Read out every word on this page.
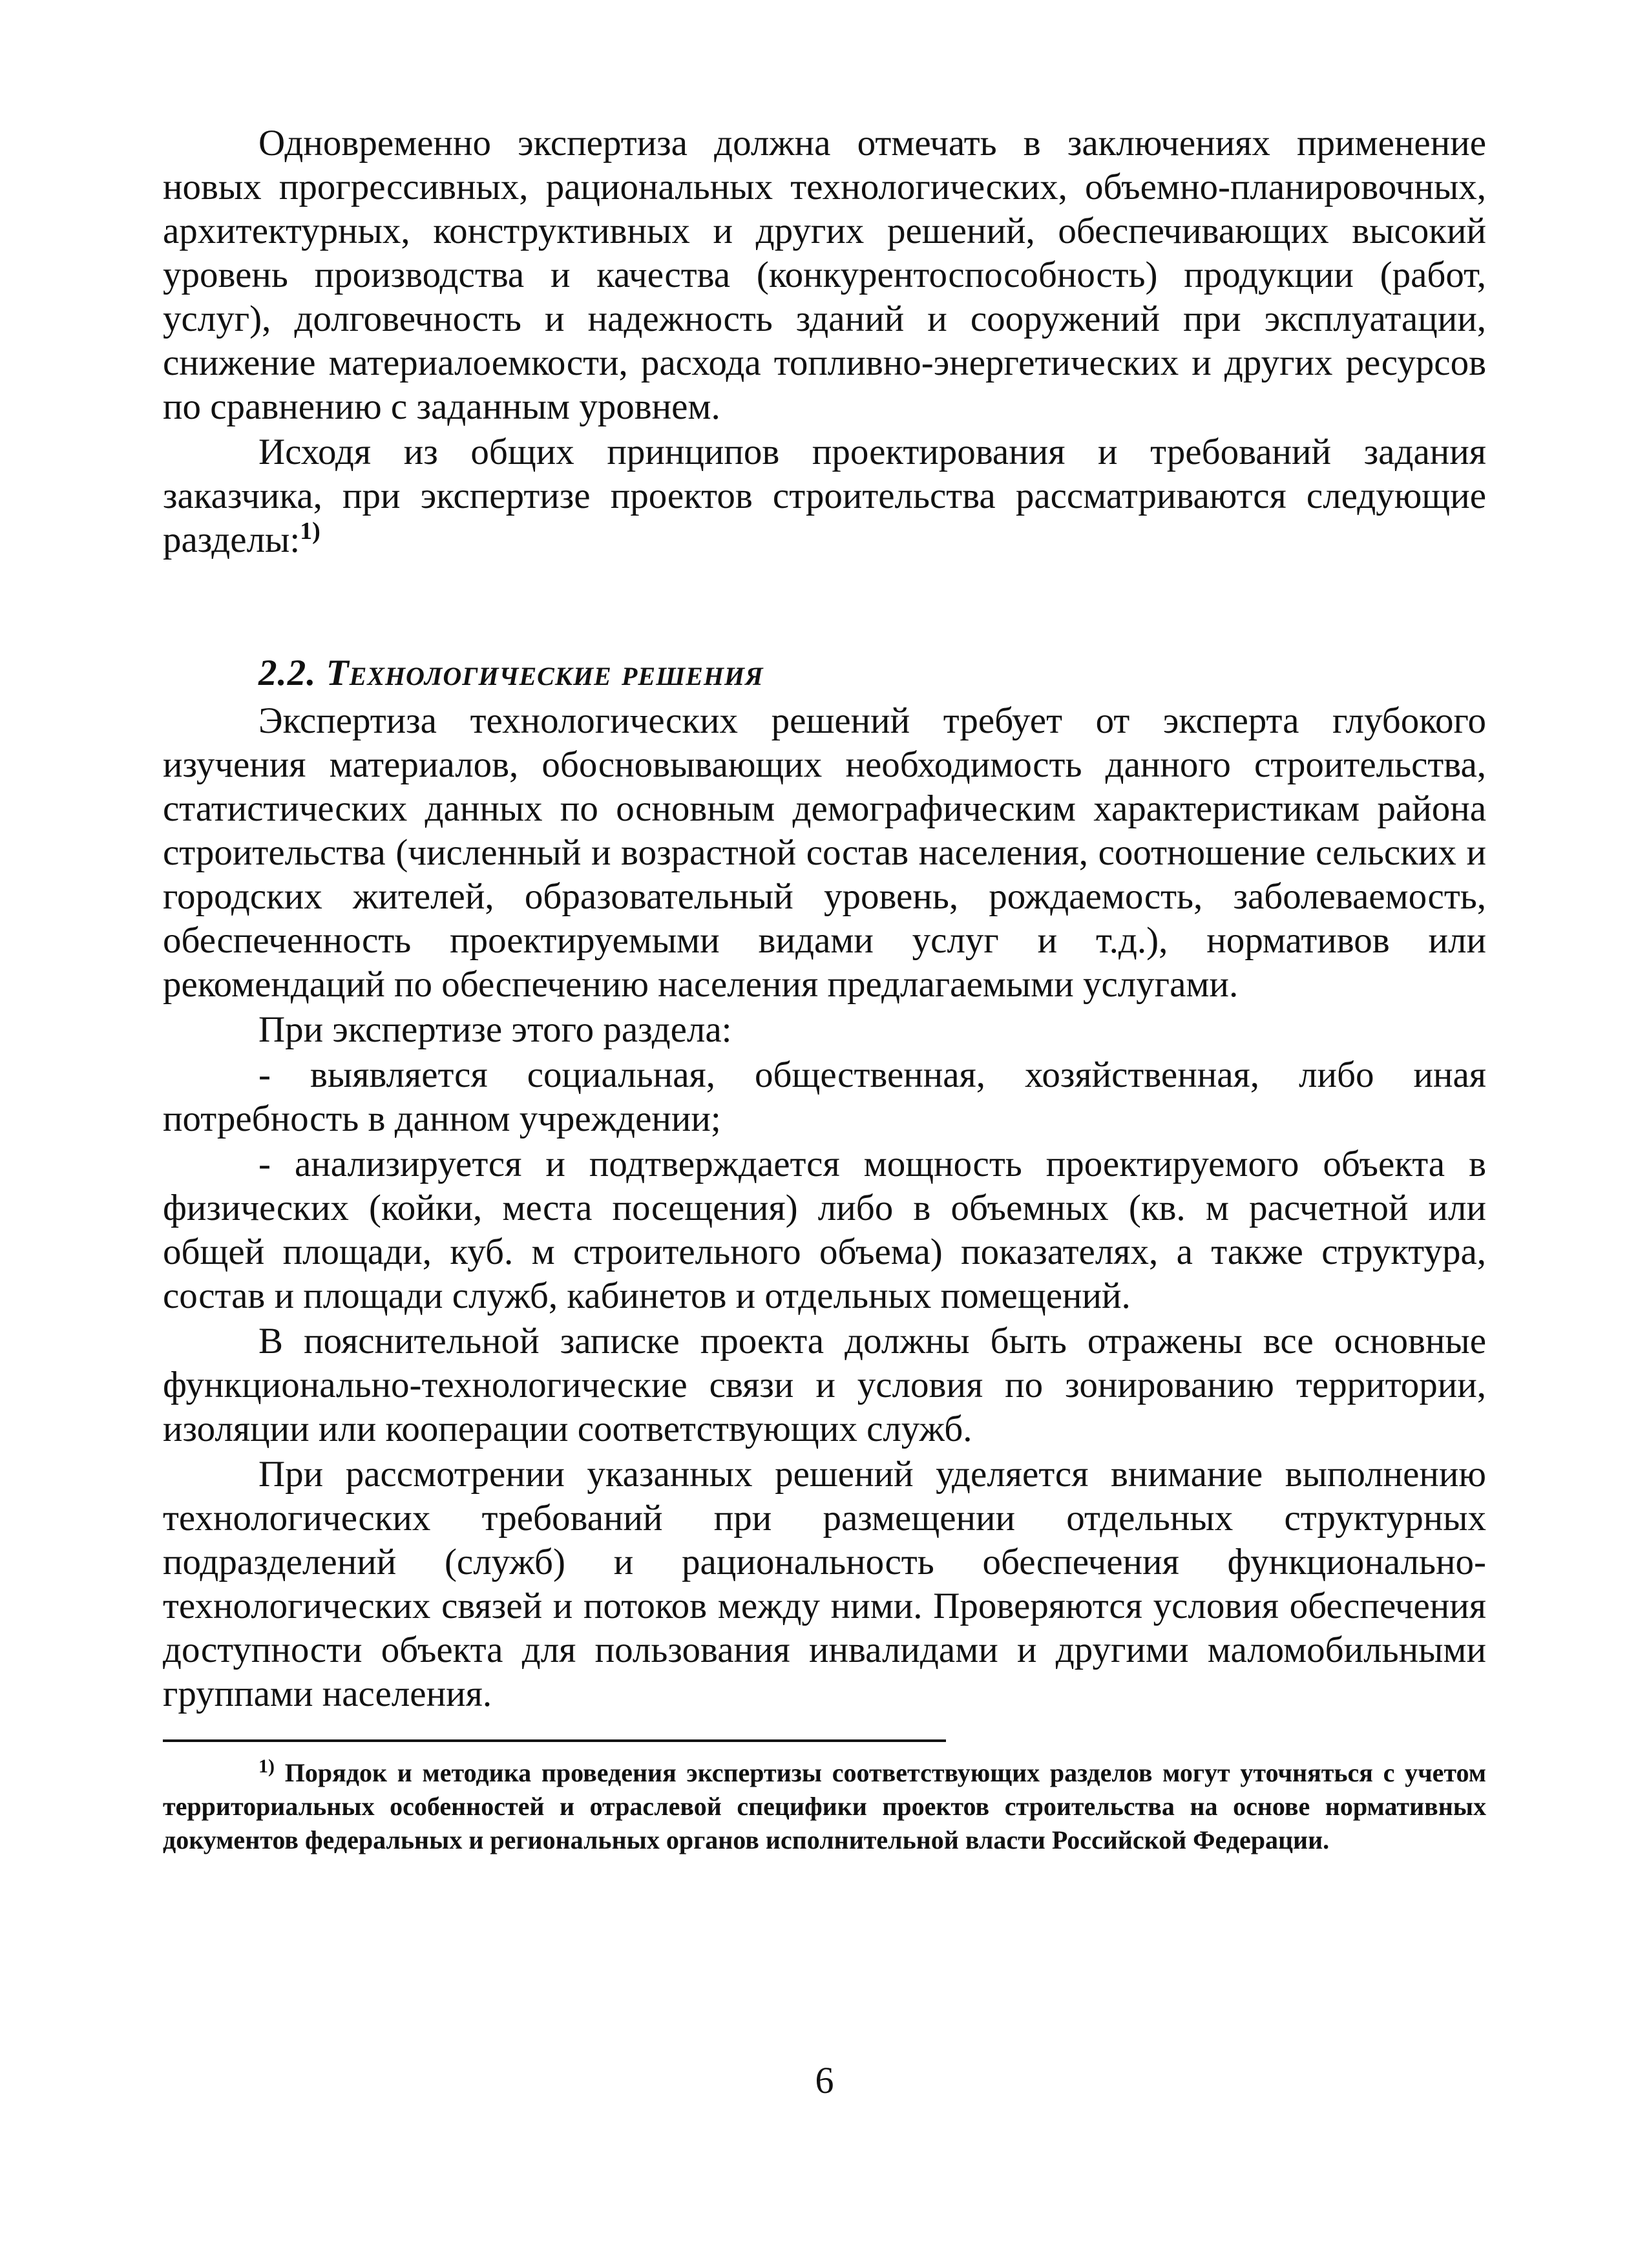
Одновременно экспертиза должна отмечать в заключениях применение новых прогрессивных, рациональных технологических, объемно-планировочных, архитектурных, конструктивных и других решений, обеспечивающих высокий уровень производства и качества (конкурентоспособность) продукции (работ, услуг), долговечность и надежность зданий и сооружений при эксплуатации, снижение материалоемкости, расхода топливно-энергетических и других ресурсов по сравнению с заданным уровнем.

Исходя из общих принципов проектирования и требований задания заказчика, при экспертизе проектов строительства рассматриваются следующие разделы:$^{1)}$

2.2. Технологические решения

Экспертиза технологических решений требует от эксперта глубокого изучения материалов, обосновывающих необходимость данного строительства, статистических данных по основным демографическим характеристикам района строительства (численный и возрастной состав населения, соотношение сельских и городских жителей, образовательный уровень, рождаемость, заболеваемость, обеспеченность проектируемыми видами услуг и т.д.), нормативов или рекомендаций по обеспечению населения предлагаемыми услугами.

При экспертизе этого раздела:

- выявляется социальная, общественная, хозяйственная, либо иная потребность в данном учреждении;

- анализируется и подтверждается мощность проектируемого объекта в физических (койки, места посещения) либо в объемных (кв. м расчетной или общей площади, куб. м строительного объема) показателях, а также структура, состав и площади служб, кабинетов и отдельных помещений.

В пояснительной записке проекта должны быть отражены все основные функционально-технологические связи и условия по зонированию территории, изоляции или кооперации соответствующих служб.

При рассмотрении указанных решений уделяется внимание выполнению технологических требований при размещении отдельных структурных подразделений (служб) и рациональность обеспечения функционально-технологических связей и потоков между ними. Проверяются условия обеспечения доступности объекта для пользования инвалидами и другими маломобильными группами населения.

$^{1)}$ Порядок и методика проведения экспертизы соответствующих разделов могут уточняться с учетом территориальных особенностей и отраслевой специфики проектов строительства на основе нормативных документов федеральных и региональных органов исполнительной власти Российской Федерации.

6
